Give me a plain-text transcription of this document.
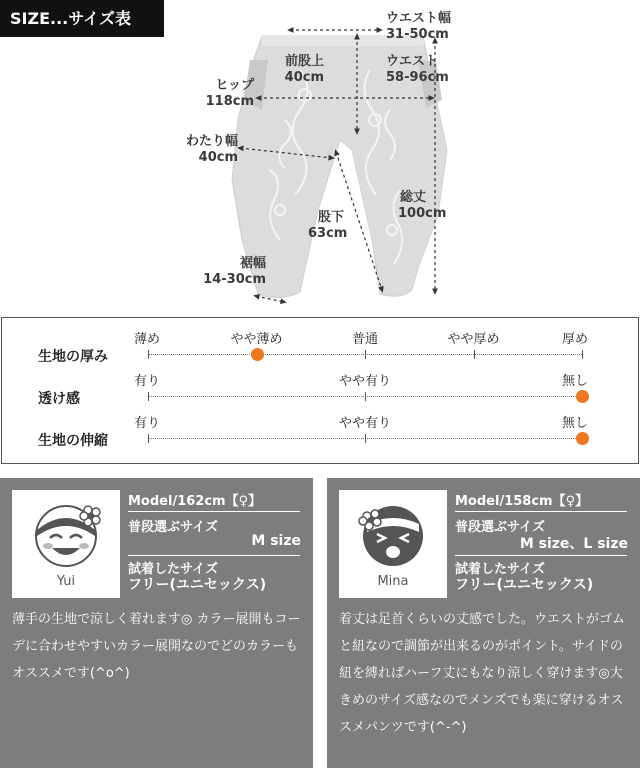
SIZE...サイズ表	ウエスト幅
31-50cm
前股上
40cm
ウエスト
58-96cm
ヒップ
118cm
わたり幅
40cm
総丈
100cm
股下
63cm
裾幅
14-30cm
生地の厚み
薄め	やや薄め	普通	やや厚め	厚め
透け感
有り	やや有り	無し
生地の伸縮
有り	やや有り	無し
Yui
Model/162cm【♀】
普段選ぶサイズ
M size
試着したサイズ
フリー(ユニセックス)
薄手の生地で涼しく着れます◎ カラー展開もコーデに合わせやすいカラー展開なのでどのカラーもオススメです(^o^)
Mina
Model/158cm【♀】
普段選ぶサイズ
M size、L size
試着したサイズ
フリー(ユニセックス)
着丈は足首くらいの丈感でした。ウエストがゴムと紐なので調節が出来るのがポイント。サイドの紐を縛ればハーフ丈にもなり涼しく穿けます◎大きめのサイズ感なのでメンズでも楽に穿けるオススメパンツです(^-^)
